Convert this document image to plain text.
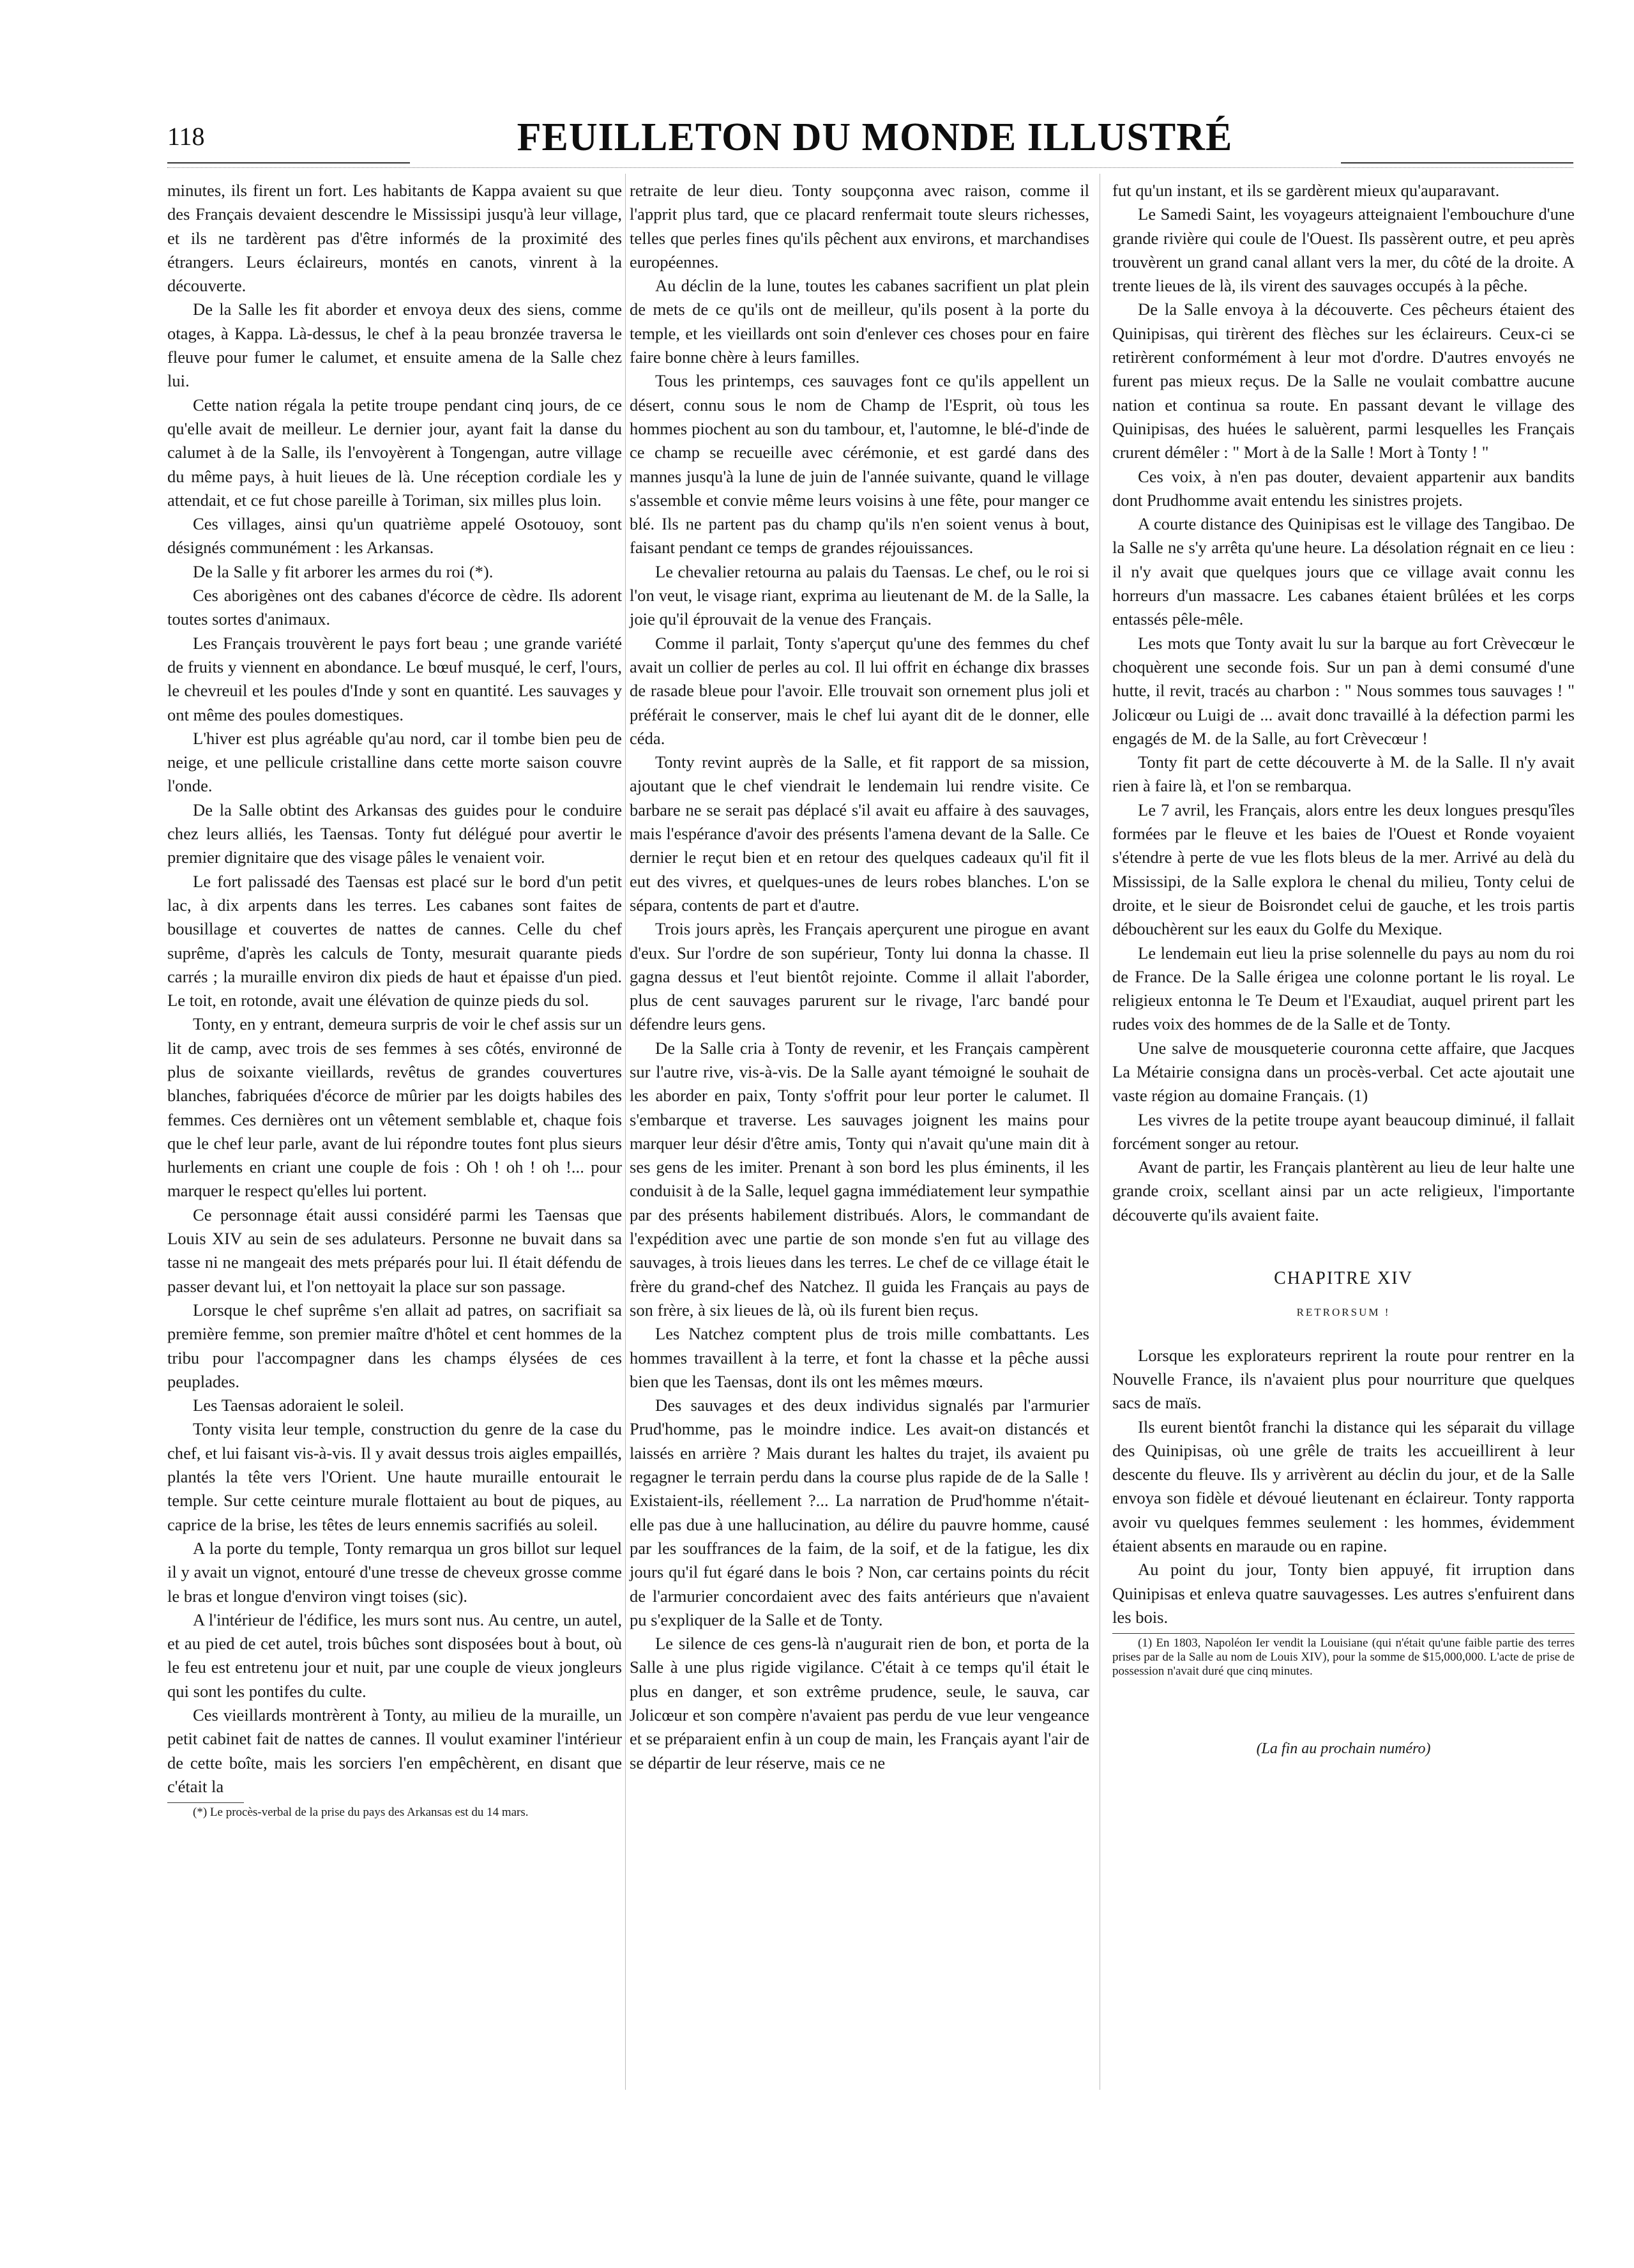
118	FEUILLETON DU MONDE ILLUSTRÉ

minutes, ils firent un fort. Les habitants de Kappa avaient su que des Français devaient descendre le Mississipi jusqu'à leur village, et ils ne tardèrent pas d'être informés de la proximité des étrangers. Leurs éclaireurs, montés en canots, vinrent à la découverte.

De la Salle les fit aborder et envoya deux des siens, comme otages, à Kappa. Là-dessus, le chef à la peau bronzée traversa le fleuve pour fumer le calumet, et ensuite amena de la Salle chez lui.

Cette nation régala la petite troupe pendant cinq jours, de ce qu'elle avait de meilleur. Le dernier jour, ayant fait la danse du calumet à de la Salle, ils l'envoyèrent à Tongengan, autre village du même pays, à huit lieues de là. Une réception cordiale les y attendait, et ce fut chose pareille à Toriman, six milles plus loin.

Ces villages, ainsi qu'un quatrième appelé Osotouoy, sont désignés communément : les Arkansas.

De la Salle y fit arborer les armes du roi (*).

Ces aborigènes ont des cabanes d'écorce de cèdre. Ils adorent toutes sortes d'animaux.

Les Français trouvèrent le pays fort beau ; une grande variété de fruits y viennent en abondance. Le bœuf musqué, le cerf, l'ours, le chevreuil et les poules d'Inde y sont en quantité. Les sauvages y ont même des poules domestiques.

L'hiver est plus agréable qu'au nord, car il tombe bien peu de neige, et une pellicule cristalline dans cette morte saison couvre l'onde.

De la Salle obtint des Arkansas des guides pour le conduire chez leurs alliés, les Taensas. Tonty fut délégué pour avertir le premier dignitaire que des visage pâles le venaient voir.

Le fort palissadé des Taensas est placé sur le bord d'un petit lac, à dix arpents dans les terres. Les cabanes sont faites de bousillage et couvertes de nattes de cannes. Celle du chef suprême, d'après les calculs de Tonty, mesurait quarante pieds carrés ; la muraille environ dix pieds de haut et épaisse d'un pied. Le toit, en rotonde, avait une élévation de quinze pieds du sol.

Tonty, en y entrant, demeura surpris de voir le chef assis sur un lit de camp, avec trois de ses femmes à ses côtés, environné de plus de soixante vieillards, revêtus de grandes couvertures blanches, fabriquées d'écorce de mûrier par les doigts habiles des femmes. Ces dernières ont un vêtement semblable et, chaque fois que le chef leur parle, avant de lui répondre toutes font plus sieurs hurlements en criant une couple de fois : Oh ! oh ! oh !... pour marquer le respect qu'elles lui portent.

Ce personnage était aussi considéré parmi les Taensas que Louis XIV au sein de ses adulateurs. Personne ne buvait dans sa tasse ni ne mangeait des mets préparés pour lui. Il était défendu de passer devant lui, et l'on nettoyait la place sur son passage.

Lorsque le chef suprême s'en allait ad patres, on sacrifiait sa première femme, son premier maître d'hôtel et cent hommes de la tribu pour l'accompagner dans les champs élysées de ces peuplades.

Les Taensas adoraient le soleil.

Tonty visita leur temple, construction du genre de la case du chef, et lui faisant vis-à-vis. Il y avait dessus trois aigles empaillés, plantés la tête vers l'Orient. Une haute muraille entourait le temple. Sur cette ceinture murale flottaient au bout de piques, au caprice de la brise, les têtes de leurs ennemis sacrifiés au soleil.

A la porte du temple, Tonty remarqua un gros billot sur lequel il y avait un vignot, entouré d'une tresse de cheveux grosse comme le bras et longue d'environ vingt toises (sic).

A l'intérieur de l'édifice, les murs sont nus. Au centre, un autel, et au pied de cet autel, trois bûches sont disposées bout à bout, où le feu est entretenu jour et nuit, par une couple de vieux jongleurs qui sont les pontifes du culte.

Ces vieillards montrèrent à Tonty, au milieu de la muraille, un petit cabinet fait de nattes de cannes. Il voulut examiner l'intérieur de cette boîte, mais les sorciers l'en empêchèrent, en disant que c'était la

(*) Le procès-verbal de la prise du pays des Arkansas est du 14 mars.

retraite de leur dieu. Tonty soupçonna avec raison, comme il l'apprit plus tard, que ce placard renfermait toute sleurs richesses, telles que perles fines qu'ils pêchent aux environs, et marchandises européennes.

Au déclin de la lune, toutes les cabanes sacrifient un plat plein de mets de ce qu'ils ont de meilleur, qu'ils posent à la porte du temple, et les vieillards ont soin d'enlever ces choses pour en faire faire bonne chère à leurs familles.

Tous les printemps, ces sauvages font ce qu'ils appellent un désert, connu sous le nom de Champ de l'Esprit, où tous les hommes piochent au son du tambour, et, l'automne, le blé-d'inde de ce champ se recueille avec cérémonie, et est gardé dans des mannes jusqu'à la lune de juin de l'année suivante, quand le village s'assemble et convie même leurs voisins à une fête, pour manger ce blé. Ils ne partent pas du champ qu'ils n'en soient venus à bout, faisant pendant ce temps de grandes réjouissances.

Le chevalier retourna au palais du Taensas. Le chef, ou le roi si l'on veut, le visage riant, exprima au lieutenant de M. de la Salle, la joie qu'il éprouvait de la venue des Français.

Comme il parlait, Tonty s'aperçut qu'une des femmes du chef avait un collier de perles au col. Il lui offrit en échange dix brasses de rasade bleue pour l'avoir. Elle trouvait son ornement plus joli et préférait le conserver, mais le chef lui ayant dit de le donner, elle céda.

Tonty revint auprès de la Salle, et fit rapport de sa mission, ajoutant que le chef viendrait le lendemain lui rendre visite. Ce barbare ne se serait pas déplacé s'il avait eu affaire à des sauvages, mais l'espérance d'avoir des présents l'amena devant de la Salle. Ce dernier le reçut bien et en retour des quelques cadeaux qu'il fit il eut des vivres, et quelques-unes de leurs robes blanches. L'on se sépara, contents de part et d'autre.

Trois jours après, les Français aperçurent une pirogue en avant d'eux. Sur l'ordre de son supérieur, Tonty lui donna la chasse. Il gagna dessus et l'eut bientôt rejointe. Comme il allait l'aborder, plus de cent sauvages parurent sur le rivage, l'arc bandé pour défendre leurs gens.

De la Salle cria à Tonty de revenir, et les Français campèrent sur l'autre rive, vis-à-vis. De la Salle ayant témoigné le souhait de les aborder en paix, Tonty s'offrit pour leur porter le calumet. Il s'embarque et traverse. Les sauvages joignent les mains pour marquer leur désir d'être amis, Tonty qui n'avait qu'une main dit à ses gens de les imiter. Prenant à son bord les plus éminents, il les conduisit à de la Salle, lequel gagna immédiatement leur sympathie par des présents habilement distribués. Alors, le commandant de l'expédition avec une partie de son monde s'en fut au village des sauvages, à trois lieues dans les terres. Le chef de ce village était le frère du grand-chef des Natchez. Il guida les Français au pays de son frère, à six lieues de là, où ils furent bien reçus.

Les Natchez comptent plus de trois mille combattants. Les hommes travaillent à la terre, et font la chasse et la pêche aussi bien que les Taensas, dont ils ont les mêmes mœurs.

Des sauvages et des deux individus signalés par l'armurier Prud'homme, pas le moindre indice. Les avait-on distancés et laissés en arrière ? Mais durant les haltes du trajet, ils avaient pu regagner le terrain perdu dans la course plus rapide de de la Salle ! Existaient-ils, réellement ?... La narration de Prud'homme n'était-elle pas due à une hallucination, au délire du pauvre homme, causé par les souffrances de la faim, de la soif, et de la fatigue, les dix jours qu'il fut égaré dans le bois ? Non, car certains points du récit de l'armurier concordaient avec des faits antérieurs que n'avaient pu s'expliquer de la Salle et de Tonty.

Le silence de ces gens-là n'augurait rien de bon, et porta de la Salle à une plus rigide vigilance. C'était à ce temps qu'il était le plus en danger, et son extrême prudence, seule, le sauva, car Jolicœur et son compère n'avaient pas perdu de vue leur vengeance et se préparaient enfin à un coup de main, les Français ayant l'air de se départir de leur réserve, mais ce ne

fut qu'un instant, et ils se gardèrent mieux qu'auparavant.

Le Samedi Saint, les voyageurs atteignaient l'embouchure d'une grande rivière qui coule de l'Ouest. Ils passèrent outre, et peu après trouvèrent un grand canal allant vers la mer, du côté de la droite. A trente lieues de là, ils virent des sauvages occupés à la pêche.

De la Salle envoya à la découverte. Ces pêcheurs étaient des Quinipisas, qui tirèrent des flèches sur les éclaireurs. Ceux-ci se retirèrent conformément à leur mot d'ordre. D'autres envoyés ne furent pas mieux reçus. De la Salle ne voulait combattre aucune nation et continua sa route. En passant devant le village des Quinipisas, des huées le saluèrent, parmi lesquelles les Français crurent démêler : " Mort à de la Salle ! Mort à Tonty ! "

Ces voix, à n'en pas douter, devaient appartenir aux bandits dont Prudhomme avait entendu les sinistres projets.

A courte distance des Quinipisas est le village des Tangibao. De la Salle ne s'y arrêta qu'une heure. La désolation régnait en ce lieu : il n'y avait que quelques jours que ce village avait connu les horreurs d'un massacre. Les cabanes étaient brûlées et les corps entassés pêle-mêle.

Les mots que Tonty avait lu sur la barque au fort Crèvecœur le choquèrent une seconde fois. Sur un pan à demi consumé d'une hutte, il revit, tracés au charbon : " Nous sommes tous sauvages ! " Jolicœur ou Luigi de ... avait donc travaillé à la défection parmi les engagés de M. de la Salle, au fort Crèvecœur !

Tonty fit part de cette découverte à M. de la Salle. Il n'y avait rien à faire là, et l'on se rembarqua.

Le 7 avril, les Français, alors entre les deux longues presqu'îles formées par le fleuve et les baies de l'Ouest et Ronde voyaient s'étendre à perte de vue les flots bleus de la mer. Arrivé au delà du Mississipi, de la Salle explora le chenal du milieu, Tonty celui de droite, et le sieur de Boisrondet celui de gauche, et les trois partis débouchèrent sur les eaux du Golfe du Mexique.

Le lendemain eut lieu la prise solennelle du pays au nom du roi de France. De la Salle érigea une colonne portant le lis royal. Le religieux entonna le Te Deum et l'Exaudiat, auquel prirent part les rudes voix des hommes de de la Salle et de Tonty.

Une salve de mousqueterie couronna cette affaire, que Jacques La Métairie consigna dans un procès-verbal. Cet acte ajoutait une vaste région au domaine Français. (1)

Les vivres de la petite troupe ayant beaucoup diminué, il fallait forcément songer au retour.

Avant de partir, les Français plantèrent au lieu de leur halte une grande croix, scellant ainsi par un acte religieux, l'importante découverte qu'ils avaient faite.

CHAPITRE XIV
RETRORSUM !

Lorsque les explorateurs reprirent la route pour rentrer en la Nouvelle France, ils n'avaient plus pour nourriture que quelques sacs de maïs.

Ils eurent bientôt franchi la distance qui les séparait du village des Quinipisas, où une grêle de traits les accueillirent à leur descente du fleuve. Ils y arrivèrent au déclin du jour, et de la Salle envoya son fidèle et dévoué lieutenant en éclaireur. Tonty rapporta avoir vu quelques femmes seulement : les hommes, évidemment étaient absents en maraude ou en rapine.

Au point du jour, Tonty bien appuyé, fit irruption dans Quinipisas et enleva quatre sauvagesses. Les autres s'enfuirent dans les bois.

(1) En 1803, Napoléon Ier vendit la Louisiane (qui n'était qu'une faible partie des terres prises par de la Salle au nom de Louis XIV), pour la somme de $15,000,000. L'acte de prise de possession n'avait duré que cinq minutes.

(La fin au prochain numéro)
